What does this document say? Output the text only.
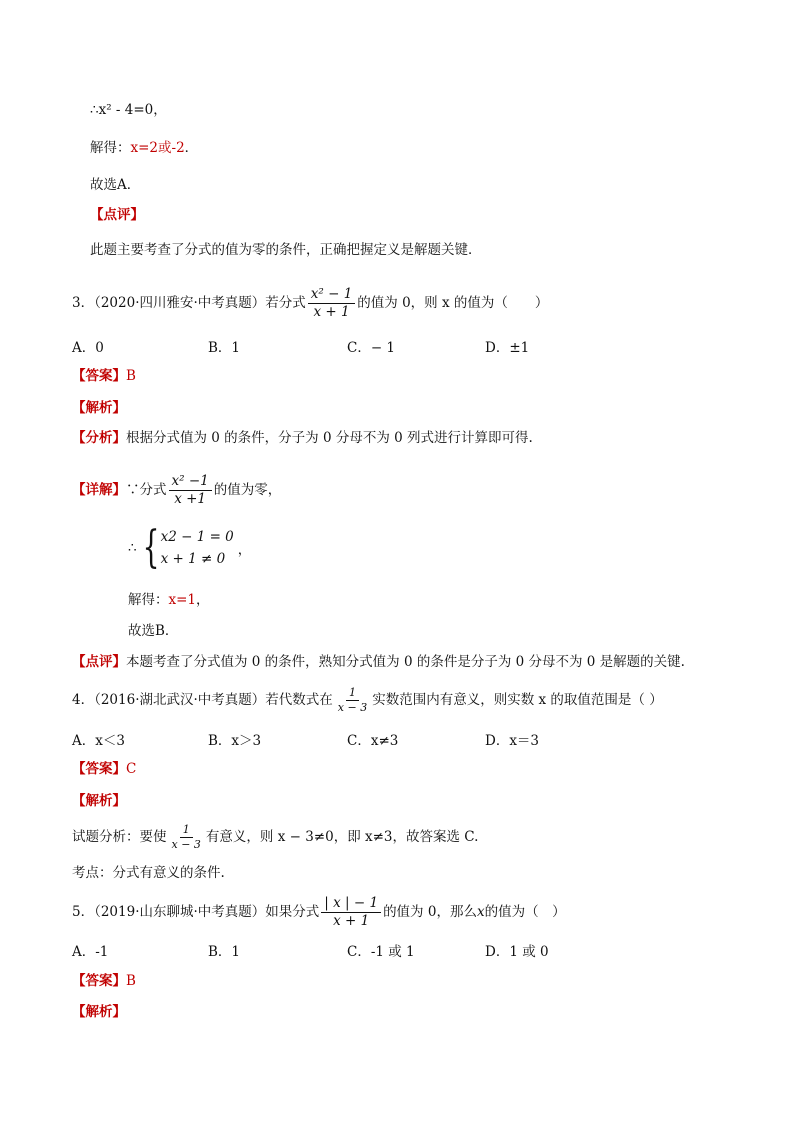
∴x² - 4=0，
解得：x=2或-2．
故选A．
【点评】
此题主要考查了分式的值为零的条件，正确把握定义是解题关键．
3．（2020·四川雅安·中考真题）若分式 $\frac{\text{x² − 1}}{x + 1}$ 的值为 0，则 x 的值为（　　）
A．0	B．1	C．− 1	D．±1
【答案】B
【解析】
【分析】根据分式值为 0 的条件，分子为 0 分母不为 0 列式进行计算即可得.
【详解】∵分式 $\frac{\text{x² −1}}{x +1}$ 的值为零，
∴ { x2 − 1 = 0
x + 1 ≠ 0
，
解得：x=1，
故选B．
【点评】本题考查了分式值为 0 的条件，熟知分式值为 0 的条件是分子为 0 分母不为 0 是解题的关键.
4．（2016·湖北武汉·中考真题）若代数式在 $\frac{1}{x - 3}$ 实数范围内有意义，则实数 x 的取值范围是（ ）
A．x＜3	B．x＞3	C．x≠3	D．x＝3
【答案】C
【解析】
试题分析：要使 $\frac{1}{x - 3}$ 有意义，则 x − 3≠0，即 x≠3，故答案选 C.
考点：分式有意义的条件.
5．（2019·山东聊城·中考真题）如果分式 $\frac{| x | - 1}{x + 1}$ 的值为 0，那么x的值为（　）
A．-1	B．1	C．-1 或 1	D．1 或 0
【答案】B
【解析】
